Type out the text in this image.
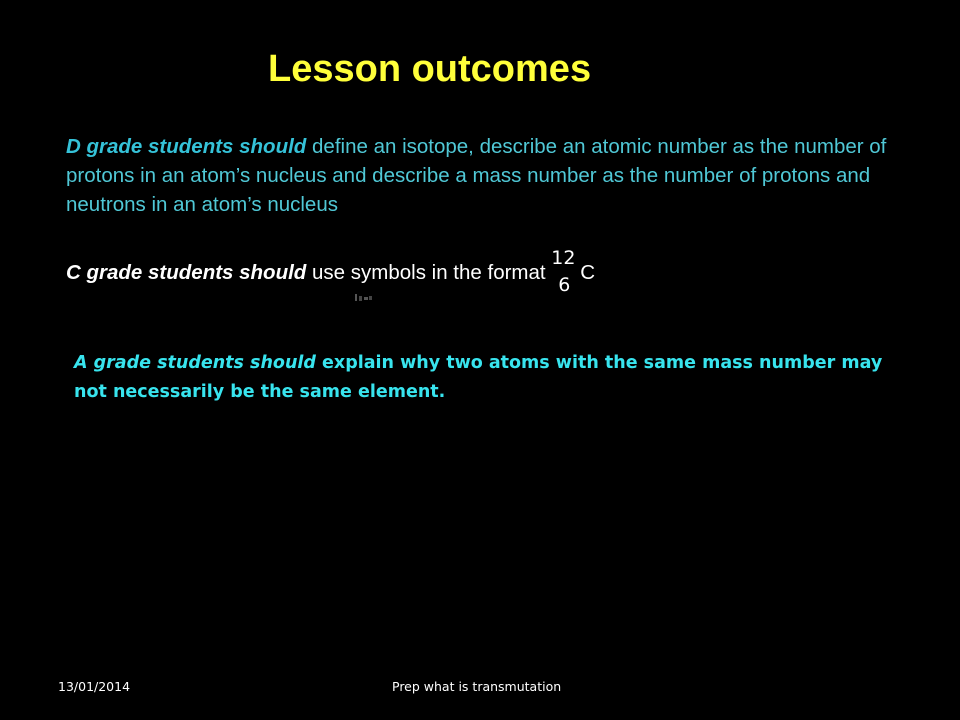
Lesson outcomes
D grade students should define an isotope, describe an atomic number as the number of protons in an atom’s nucleus and describe a mass number as the number of protons and neutrons in an atom’s nucleus
C grade students should use symbols in the format
12
6
C
A grade students should explain why two atoms with the same mass number may not necessarily be the same element.
13/01/2014	Prep what is transmutation
